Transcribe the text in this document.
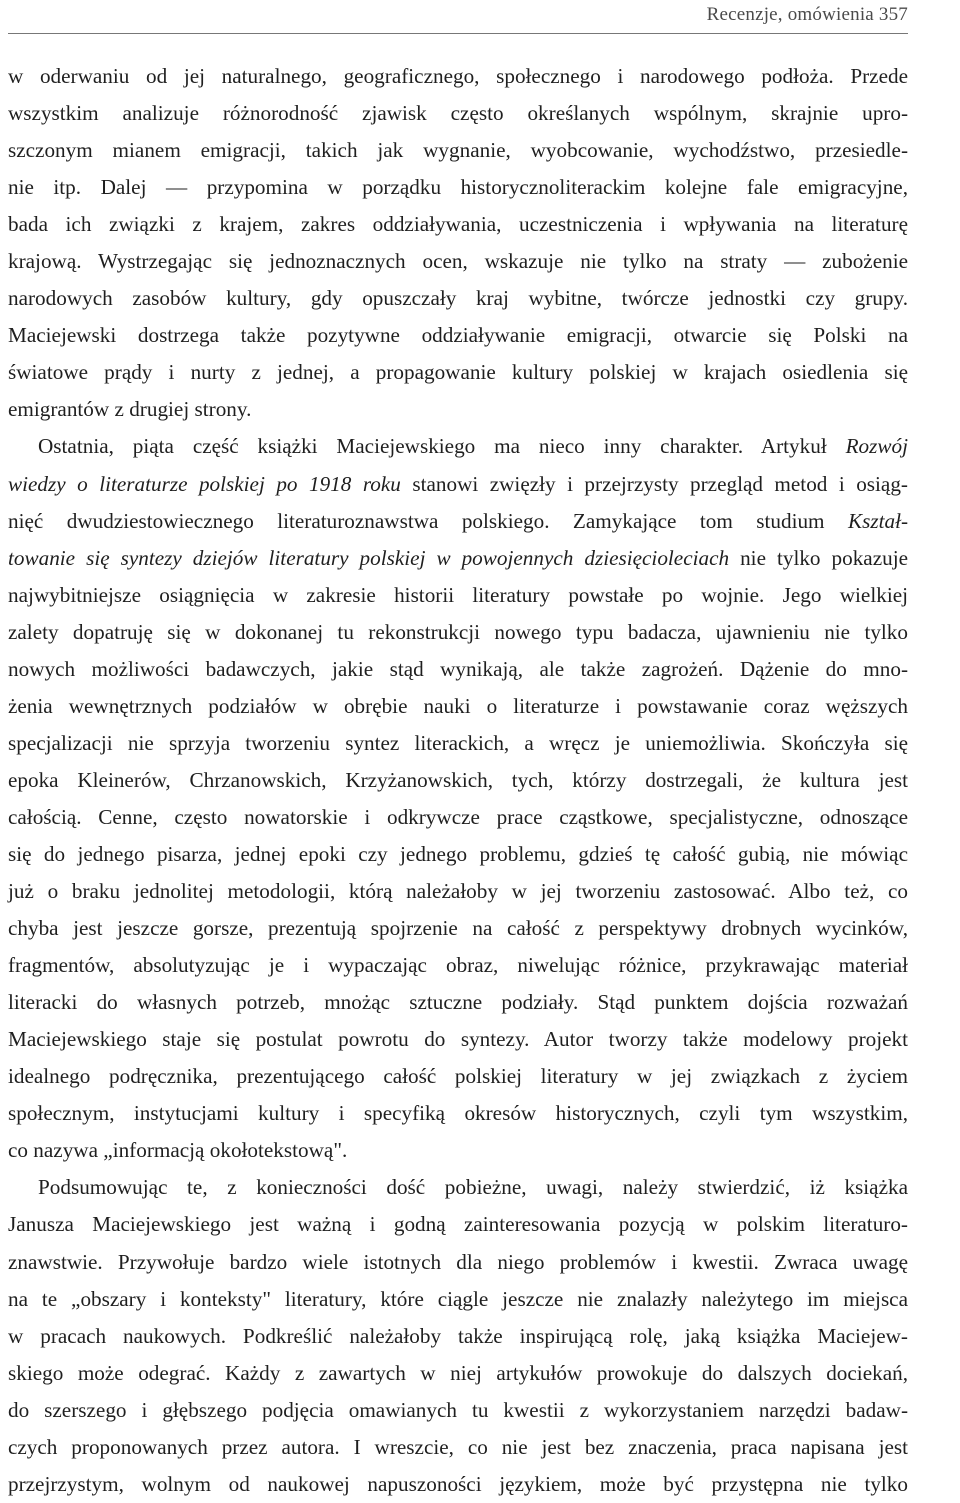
Recenzje, omówienia 357
w oderwaniu od jej naturalnego, geograficznego, społecznego i narodowego podłoża. Przede
wszystkim analizuje różnorodność zjawisk często określanych wspólnym, skrajnie upro-
szczonym mianem emigracji, takich jak wygnanie, wyobcowanie, wychodźstwo, przesiedle-
nie itp. Dalej — przypomina w porządku historycznoliterackim kolejne fale emigracyjne,
bada ich związki z krajem, zakres oddziaływania, uczestniczenia i wpływania na literaturę
krajową. Wystrzegając się jednoznacznych ocen, wskazuje nie tylko na straty — zubożenie
narodowych zasobów kultury, gdy opuszczały kraj wybitne, twórcze jednostki czy grupy.
Maciejewski dostrzega także pozytywne oddziaływanie emigracji, otwarcie się Polski na
światowe prądy i nurty z jednej, a propagowanie kultury polskiej w krajach osiedlenia się
emigrantów z drugiej strony.
Ostatnia, piąta część książki Maciejewskiego ma nieco inny charakter. Artykuł Rozwój
wiedzy o literaturze polskiej po 1918 roku stanowi zwięzły i przejrzysty przegląd metod i osiąg-
nięć dwudziestowiecznego literaturoznawstwa polskiego. Zamykające tom studium Kształ-
towanie się syntezy dziejów literatury polskiej w powojennych dziesięcioleciach nie tylko pokazuje
najwybitniejsze osiągnięcia w zakresie historii literatury powstałe po wojnie. Jego wielkiej
zalety dopatruję się w dokonanej tu rekonstrukcji nowego typu badacza, ujawnieniu nie tylko
nowych możliwości badawczych, jakie stąd wynikają, ale także zagrożeń. Dążenie do mno-
żenia wewnętrznych podziałów w obrębie nauki o literaturze i powstawanie coraz węższych
specjalizacji nie sprzyja tworzeniu syntez literackich, a wręcz je uniemożliwia. Skończyła się
epoka Kleinerów, Chrzanowskich, Krzyżanowskich, tych, którzy dostrzegali, że kultura jest
całością. Cenne, często nowatorskie i odkrywcze prace cząstkowe, specjalistyczne, odnoszące
się do jednego pisarza, jednej epoki czy jednego problemu, gdzieś tę całość gubią, nie mówiąc
już o braku jednolitej metodologii, którą należałoby w jej tworzeniu zastosować. Albo też, co
chyba jest jeszcze gorsze, prezentują spojrzenie na całość z perspektywy drobnych wycinków,
fragmentów, absolutyzując je i wypaczając obraz, niwelując różnice, przykrawając materiał
literacki do własnych potrzeb, mnożąc sztuczne podziały. Stąd punktem dojścia rozważań
Maciejewskiego staje się postulat powrotu do syntezy. Autor tworzy także modelowy projekt
idealnego podręcznika, prezentującego całość polskiej literatury w jej związkach z życiem
społecznym, instytucjami kultury i specyfiką okresów historycznych, czyli tym wszystkim,
co nazywa „informacją okołotekstową".
Podsumowując te, z konieczności dość pobieżne, uwagi, należy stwierdzić, iż książka
Janusza Maciejewskiego jest ważną i godną zainteresowania pozycją w polskim literaturo-
znawstwie. Przywołuje bardzo wiele istotnych dla niego problemów i kwestii. Zwraca uwagę
na te „obszary i konteksty" literatury, które ciągle jeszcze nie znalazły należytego im miejsca
w pracach naukowych. Podkreślić należałoby także inspirującą rolę, jaką książka Maciejew-
skiego może odegrać. Każdy z zawartych w niej artykułów prowokuje do dalszych dociekań,
do szerszego i głębszego podjęcia omawianych tu kwestii z wykorzystaniem narzędzi badaw-
czych proponowanych przez autora. I wreszcie, co nie jest bez znaczenia, praca napisana jest
przejrzystym, wolnym od naukowej napuszoności językiem, może być przystępna nie tylko
